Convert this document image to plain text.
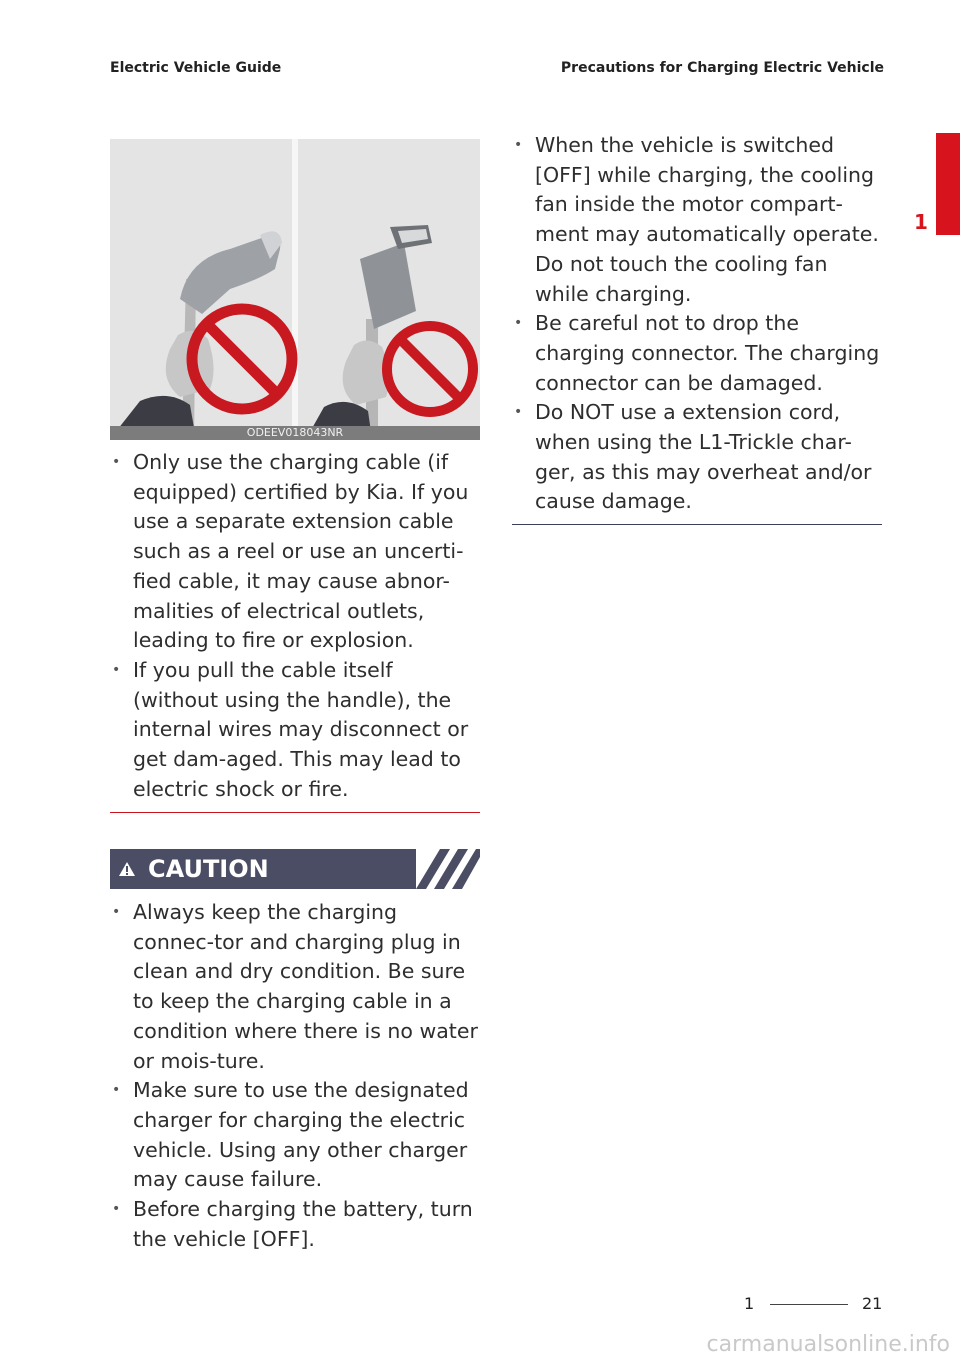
Electric Vehicle Guide	Precautions for Charging Electric Vehicle
1
ODEEV018043NR
• Only use the charging cable (if equipped) certified by Kia. If you use a separate extension cable such as a reel or use an uncerti-fied cable, it may cause abnor-malities of electrical outlets, leading to fire or explosion.
• If you pull the cable itself (without using the handle), the internal wires may disconnect or get dam-aged. This may lead to electric shock or fire.
CAUTION
• Always keep the charging connec-tor and charging plug in clean and dry condition. Be sure to keep the charging cable in a condition where there is no water or mois-ture.
• Make sure to use the designated charger for charging the electric vehicle. Using any other charger may cause failure.
• Before charging the battery, turn the vehicle [OFF].
• When the vehicle is switched [OFF] while charging, the cooling fan inside the motor compart-ment may automatically operate. Do not touch the cooling fan while charging.
• Be careful not to drop the charging connector. The charging connector can be damaged.
• Do NOT use a extension cord, when using the L1-Trickle char-ger, as this may overheat and/or cause damage.
1	21
carmanualsonline.info
